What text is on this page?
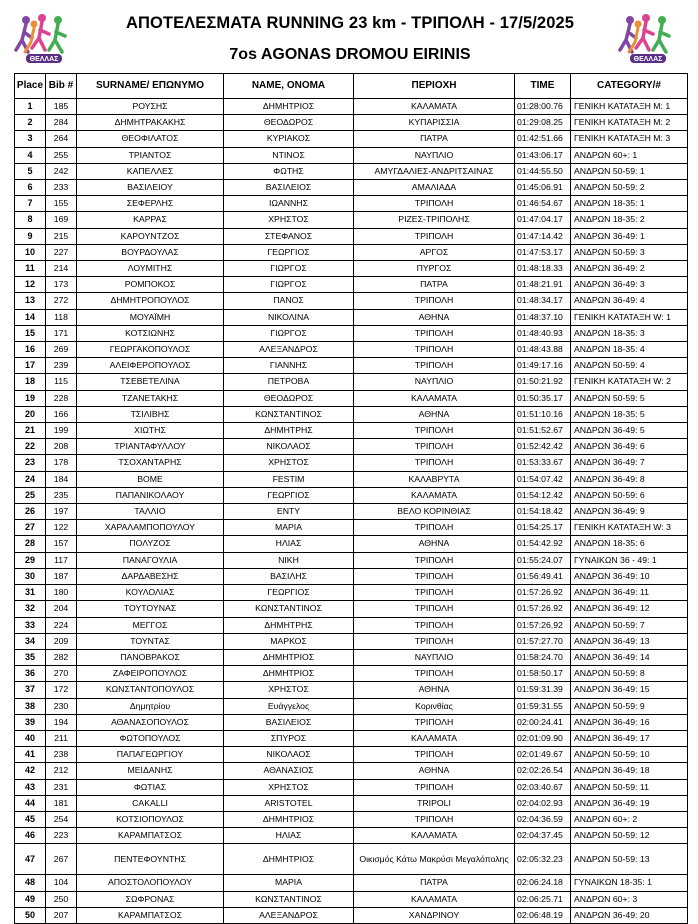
ΘΕΛΛΑΣ	ΘΕΛΛΑΣ
ΑΠΟΤΕΛΕΣΜΑΤΑ RUNNING 23 km - ΤΡΙΠΟΛΗ - 17/5/2025
7os AGONAS DROMOU EIRINIS
Place	Bib #	SURNAME/ ΕΠΩΝΥΜΟ	NAME, ΟΝΟΜΑ	ΠΕΡΙΟΧΗ	TIME	CATEGORY/#
1	185	ΡΟΥΣΗΣ	ΔΗΜΗΤΡΙΟΣ	ΚΑΛΑΜΑΤΑ	01:28:00.76	ΓΕΝΙΚΗ ΚΑΤΑΤΑΞΗ Μ: 1
2	284	ΔΗΜΗΤΡΑΚΑΚΗΣ	ΘΕΟΔΩΡΟΣ	ΚΥΠΑΡΙΣΣΙΑ	01:29:08.25	ΓΕΝΙΚΗ ΚΑΤΑΤΑΞΗ Μ: 2
3	264	ΘΕΟΦΙΛΑΤΟΣ	ΚΥΡΙΑΚΟΣ	ΠΑΤΡΑ	01:42:51.66	ΓΕΝΙΚΗ ΚΑΤΑΤΑΞΗ Μ: 3
4	255	ΤΡΙΑΝΤΟΣ	ΝΤΙΝΟΣ	ΝΑΥΠΛΙΟ	01:43:06.17	ΑΝΔΡΩΝ 60+: 1
5	242	ΚΑΠΕΛΛΕΣ	ΦΩΤΗΣ	ΑΜΥΓΔΑΛΙΕΣ-ΑΝΔΡΙΤΣΑΙΝΑΣ	01:44:55.50	ΑΝΔΡΩΝ 50-59: 1
6	233	ΒΑΣΙΛΕΙΟΥ	ΒΑΣΙΛΕΙΟΣ	ΑΜΑΛΙΑΔΑ	01:45:06.91	ΑΝΔΡΩΝ 50-59: 2
7	155	ΣΕΦΕΡΛΗΣ	ΙΩΑΝΝΗΣ	ΤΡΙΠΟΛΗ	01:46:54.67	ΑΝΔΡΩΝ 18-35: 1
8	169	ΚΑΡΡΑΣ	ΧΡΗΣΤΟΣ	ΡΙΖΕΣ-ΤΡΙΠΟΛΗΣ	01:47:04.17	ΑΝΔΡΩΝ 18-35: 2
9	215	ΚΑΡΟΥΝΤΖΟΣ	ΣΤΕΦΑΝΟΣ	ΤΡΙΠΟΛΗ	01:47:14.42	ΑΝΔΡΩΝ 36-49: 1
10	227	ΒΟΥΡΔΟΥΛΑΣ	ΓΕΩΡΓΙΟΣ	ΑΡΓΟΣ	01:47:53.17	ΑΝΔΡΩΝ 50-59: 3
11	214	ΛΟΥΜΙΤΗΣ	ΓΙΩΡΓΟΣ	ΠΥΡΓΟΣ	01:48:18.33	ΑΝΔΡΩΝ 36-49: 2
12	173	ΡΟΜΠΟΚΟΣ	ΓΙΩΡΓΟΣ	ΠΑΤΡΑ	01:48:21.91	ΑΝΔΡΩΝ 36-49: 3
13	272	ΔΗΜΗΤΡΟΠΟΥΛΟΣ	ΠΑΝΟΣ	ΤΡΙΠΟΛΗ	01:48:34.17	ΑΝΔΡΩΝ 36-49: 4
14	118	ΜΟΥΑΪΜΗ	ΝΙΚΟΛΙΝΑ	ΑΘΗΝΑ	01:48:37.10	ΓΕΝΙΚΗ ΚΑΤΑΤΑΞΗ W: 1
15	171	ΚΟΤΣΙΩΝΗΣ	ΓΙΩΡΓΟΣ	ΤΡΙΠΟΛΗ	01:48:40.93	ΑΝΔΡΩΝ 18-35: 3
16	269	ΓΕΩΡΓΑΚΟΠΟΥΛΟΣ	ΑΛΕΞΑΝΔΡΟΣ	ΤΡΙΠΟΛΗ	01:48:43.88	ΑΝΔΡΩΝ 18-35: 4
17	239	ΑΛΕΙΦΕΡΟΠΟΥΛΟΣ	ΓΙΑΝΝΗΣ	ΤΡΙΠΟΛΗ	01:49:17.16	ΑΝΔΡΩΝ 50-59: 4
18	115	ΤΣΕΒΕΤΕΛΙΝΑ	ΠΕΤΡΟΒΑ	ΝΑΥΠΛΙΟ	01:50:21.92	ΓΕΝΙΚΗ ΚΑΤΑΤΑΞΗ W: 2
19	228	ΤΖΑΝΕΤΑΚΗΣ	ΘΕΟΔΩΡΟΣ	ΚΑΛΑΜΑΤΑ	01:50:35.17	ΑΝΔΡΩΝ 50-59: 5
20	166	ΤΣΙΛΙΒΗΣ	ΚΩΝΣΤΑΝΤΙΝΟΣ	ΑΘΗΝΑ	01:51:10.16	ΑΝΔΡΩΝ 18-35: 5
21	199	ΧΙΩΤΗΣ	ΔΗΜΗΤΡΗΣ	ΤΡΙΠΟΛΗ	01:51:52.67	ΑΝΔΡΩΝ 36-49: 5
22	208	ΤΡΙΑΝΤΑΦΥΛΛΟΥ	ΝΙΚΟΛΑΟΣ	ΤΡΙΠΟΛΗ	01:52:42.42	ΑΝΔΡΩΝ 36-49: 6
23	178	ΤΣΟΧΑΝΤΑΡΗΣ	ΧΡΗΣΤΟΣ	ΤΡΙΠΟΛΗ	01:53:33.67	ΑΝΔΡΩΝ 36-49: 7
24	184	ΒΟΜΕ	FESTIM	ΚΑΛΑΒΡΥΤΑ	01:54:07.42	ΑΝΔΡΩΝ 36-49: 8
25	235	ΠΑΠΑΝΙΚΟΛΑΟΥ	ΓΕΩΡΓΙΟΣ	ΚΑΛΑΜΑΤΑ	01:54:12.42	ΑΝΔΡΩΝ 50-59: 6
26	197	ΤΑΛΛΙΟ	ΕΝΤΥ	ΒΕΛΟ ΚΟΡΙΝΘΙΑΣ	01:54:18.42	ΑΝΔΡΩΝ 36-49: 9
27	122	ΧΑΡΑΛΑΜΠΟΠΟΥΛΟΥ	ΜΑΡΙΑ	ΤΡΙΠΟΛΗ	01:54:25.17	ΓΕΝΙΚΗ ΚΑΤΑΤΑΞΗ W: 3
28	157	ΠΟΛΥΖΟΣ	ΗΛΙΑΣ	ΑΘΗΝΑ	01:54:42.92	ΑΝΔΡΩΝ 18-35: 6
29	117	ΠΑΝΑΓΟΥΛΙΑ	ΝΙΚΗ	ΤΡΙΠΟΛΗ	01:55:24.07	ΓΥΝΑΙΚΩΝ 36 - 49: 1
30	187	ΔΑΡΔΑΒΕΣΗΣ	ΒΑΣΙΛΗΣ	ΤΡΙΠΟΛΗ	01:56:49.41	ΑΝΔΡΩΝ 36-49: 10
31	180	ΚΟΥΛΟΛΙΑΣ	ΓΕΩΡΓΙΟΣ	ΤΡΙΠΟΛΗ	01:57:26.92	ΑΝΔΡΩΝ 36-49: 11
32	204	ΤΟΥΤΟΥΝΑΣ	ΚΩΝΣΤΑΝΤΙΝΟΣ	ΤΡΙΠΟΛΗ	01:57:26.92	ΑΝΔΡΩΝ 36-49: 12
33	224	ΜΕΓΓΟΣ	ΔΗΜΗΤΡΗΣ	ΤΡΙΠΟΛΗ	01:57:26.92	ΑΝΔΡΩΝ 50-59: 7
34	209	ΤΟΥΝΤΑΣ	ΜΑΡΚΟΣ	ΤΡΙΠΟΛΗ	01:57:27.70	ΑΝΔΡΩΝ 36-49: 13
35	282	ΠΑΝΟΒΡΑΚΟΣ	ΔΗΜΗΤΡΙΟΣ	ΝΑΥΠΛΙΟ	01:58:24.70	ΑΝΔΡΩΝ 36-49: 14
36	270	ΖΑΦΕΙΡΟΠΟΥΛΟΣ	ΔΗΜΗΤΡΙΟΣ	ΤΡΙΠΟΛΗ	01:58:50.17	ΑΝΔΡΩΝ 50-59: 8
37	172	ΚΩΝΣΤΑΝΤΟΠΟΥΛΟΣ	ΧΡΗΣΤΟΣ	ΑΘΗΝΑ	01:59:31.39	ΑΝΔΡΩΝ 36-49: 15
38	230	Δημητρίου	Ευάγγελος	Κορινθίας	01:59:31.55	ΑΝΔΡΩΝ 50-59: 9
39	194	ΑΘΑΝΑΣΟΠΟΥΛΟΣ	ΒΑΣΙΛΕΙΟΣ	ΤΡΙΠΟΛΗ	02:00:24.41	ΑΝΔΡΩΝ 36-49: 16
40	211	ΦΩΤΟΠΟΥΛΟΣ	ΣΠΥΡΟΣ	ΚΑΛΑΜΑΤΑ	02:01:09.90	ΑΝΔΡΩΝ 36-49: 17
41	238	ΠΑΠΑΓΕΩΡΓΙΟΥ	ΝΙΚΟΛΑΟΣ	ΤΡΙΠΟΛΗ	02:01:49.67	ΑΝΔΡΩΝ 50-59: 10
42	212	ΜΕΙΔΑΝΗΣ	ΑΘΑΝΑΣΙΟΣ	ΑΘΗΝΑ	02:02:26.54	ΑΝΔΡΩΝ 36-49: 18
43	231	ΦΩΤΙΑΣ	ΧΡΗΣΤΟΣ	ΤΡΙΠΟΛΗ	02:03:40.67	ΑΝΔΡΩΝ 50-59: 11
44	181	CAKALLI	ARISTOTEL	TRIPOLI	02:04:02.93	ΑΝΔΡΩΝ 36-49: 19
45	254	ΚΟΤΣΙΟΠΟΥΛΟΣ	ΔΗΜΗΤΡΙΟΣ	ΤΡΙΠΟΛΗ	02:04:36.59	ΑΝΔΡΩΝ 60+: 2
46	223	ΚΑΡΑΜΠΑΤΣΟΣ	ΗΛΙΑΣ	ΚΑΛΑΜΑΤΑ	02:04:37.45	ΑΝΔΡΩΝ 50-59: 12
47	267	ΠΕΝΤΕΦΟΥΝΤΗΣ	ΔΗΜΗΤΡΙΟΣ	Οικισμός Κάτω Μακρύσι Μεγαλόπολης	02:05:32.23	ΑΝΔΡΩΝ 50-59: 13
48	104	ΑΠΟΣΤΟΛΟΠΟΥΛΟΥ	ΜΑΡΙΑ	ΠΑΤΡΑ	02:06:24.18	ΓΥΝΑΙΚΩΝ 18-35: 1
49	250	ΣΩΦΡΟΝΑΣ	ΚΩΝΣΤΑΝΤΙΝΟΣ	ΚΑΛΑΜΑΤΑ	02:06:25.71	ΑΝΔΡΩΝ 60+: 3
50	207	ΚΑΡΑΜΠΑΤΣΟΣ	ΑΛΕΞΑΝΔΡΟΣ	ΧΑΝΔΡΙΝΟΥ	02:06:48.19	ΑΝΔΡΩΝ 36-49: 20
